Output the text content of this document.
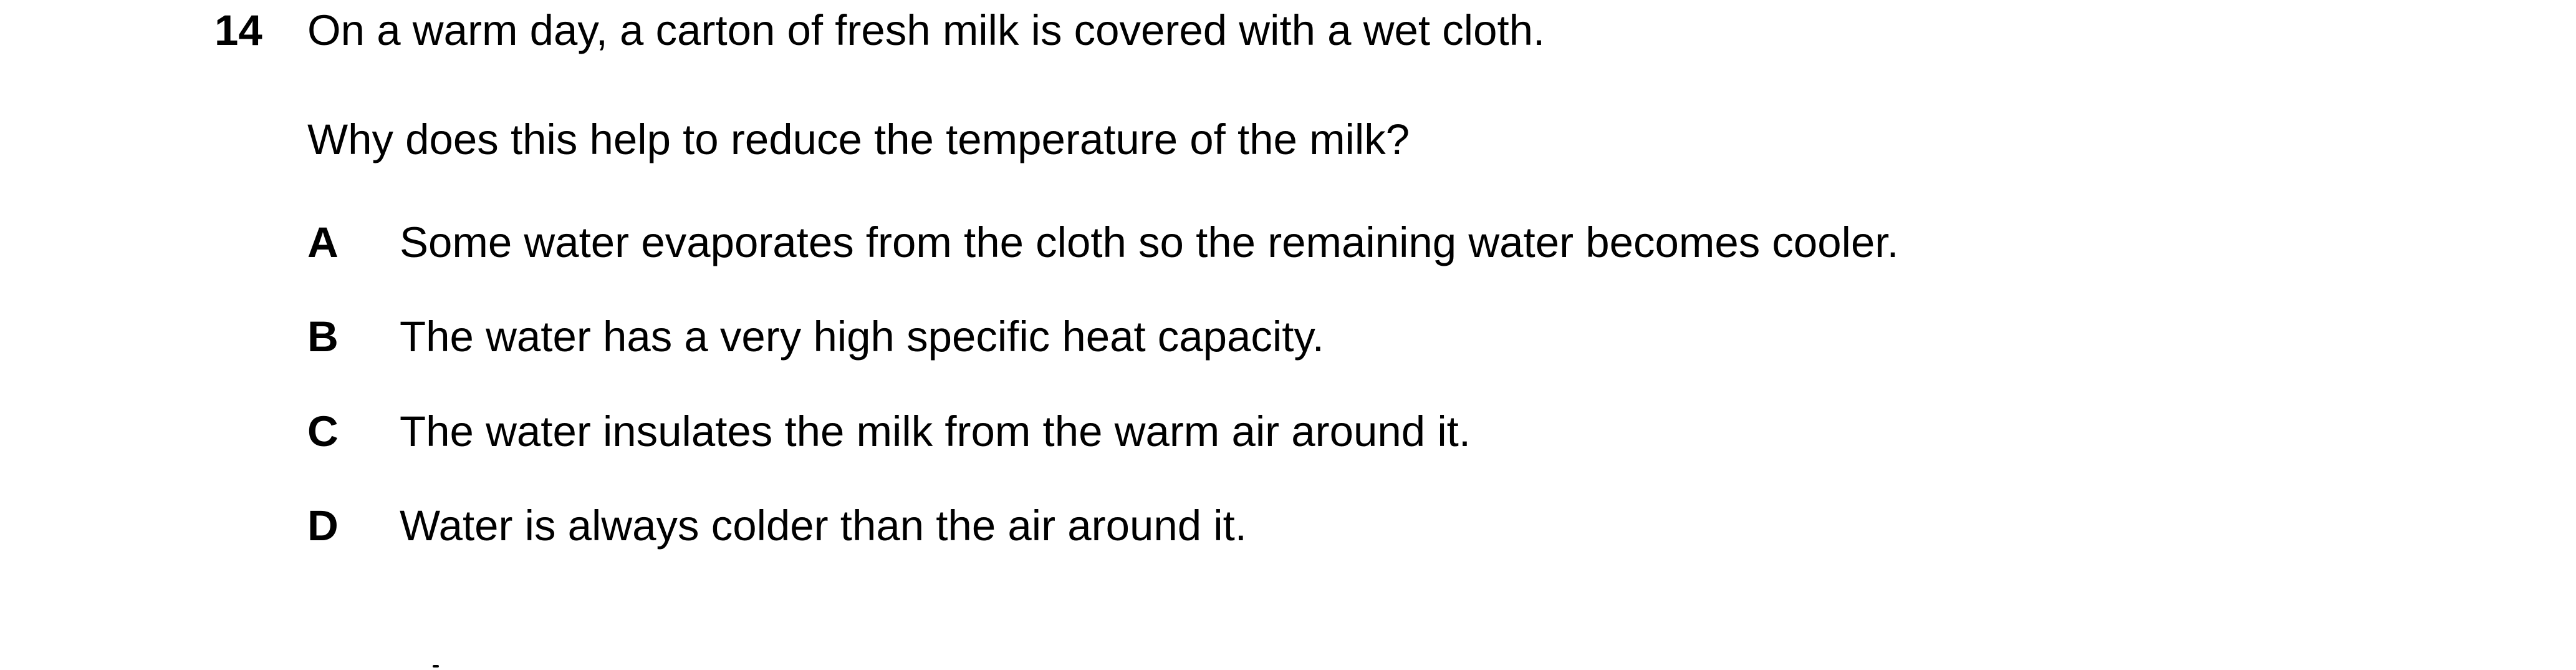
14 On a warm day, a carton of fresh milk is covered with a wet cloth.
Why does this help to reduce the temperature of the milk?
A Some water evaporates from the cloth so the remaining water becomes cooler.
B The water has a very high specific heat capacity.
C The water insulates the milk from the warm air around it.
D Water is always colder than the air around it.
